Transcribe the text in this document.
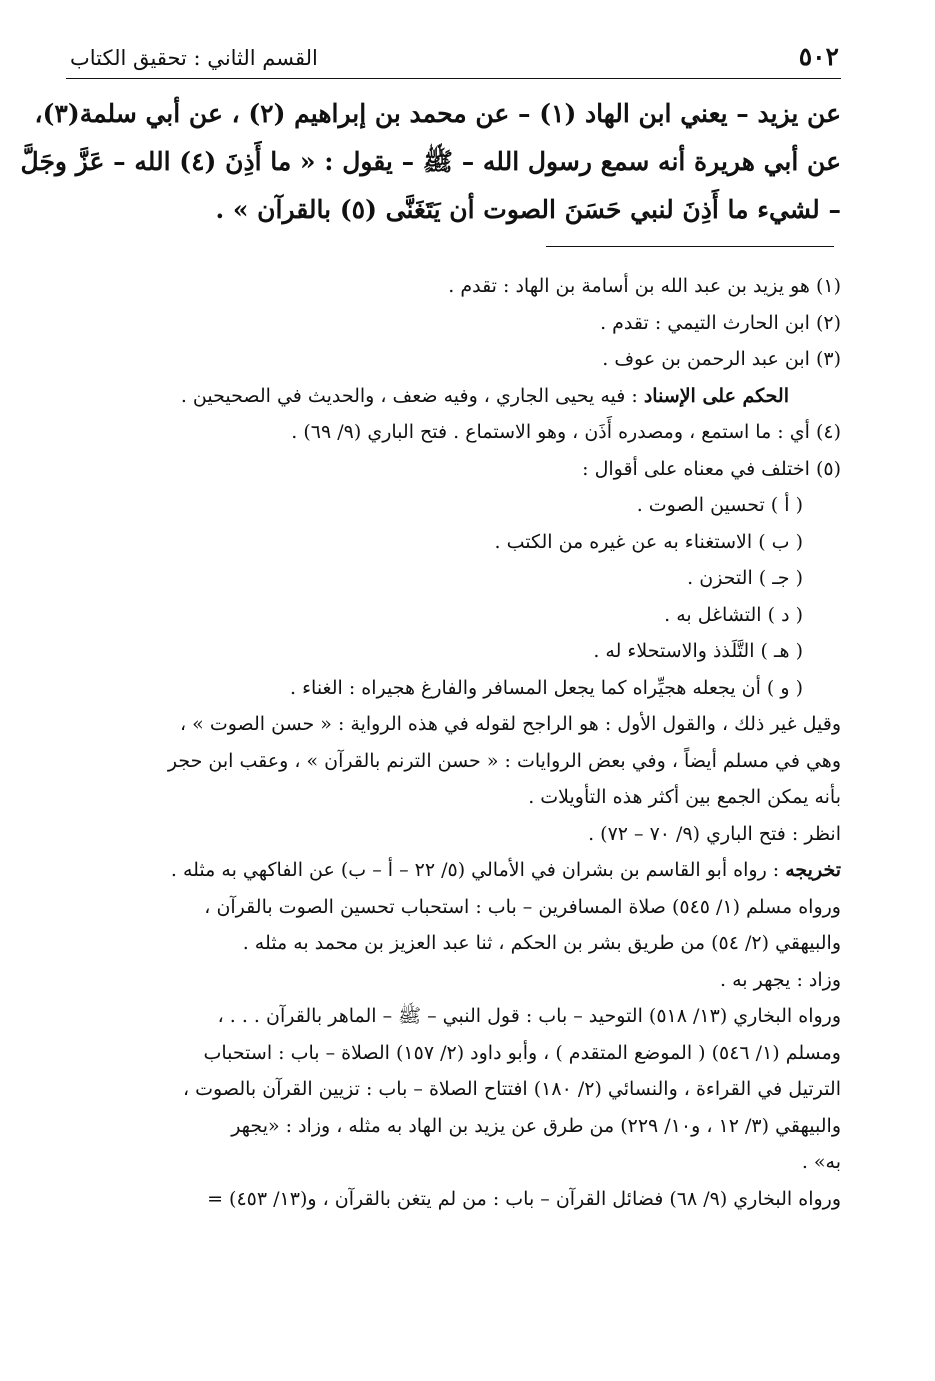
٥٠٢
القسم الثاني : تحقيق الكتاب
عن يزيد – يعني ابن الهاد (١) – عن محمد بن إبراهيم (٢) ، عن أبي سلمة(٣)،
عن أبي هريرة أنه سمع رسول الله – ﷺ – يقول : « ما أَذِنَ (٤) الله – عَزَّ وجَلَّ
– لشيء ما أَذِنَ لنبي حَسَنَ الصوت أن يَتَغَنَّى (٥) بالقرآن » .
(١) هو يزيد بن عبد الله بن أسامة بن الهاد : تقدم .
(٢) ابن الحارث التيمي : تقدم .
(٣) ابن عبد الرحمن بن عوف .
الحكم على الإسناد : فيه يحيى الجاري ، وفيه ضعف ، والحديث في الصحيحين .
(٤) أي : ما استمع ، ومصدره أَذَن ، وهو الاستماع . فتح الباري (٩/ ٦٩) .
(٥) اختلف في معناه على أقوال :
( أ ) تحسين الصوت .
( ب ) الاستغناء به عن غيره من الكتب .
( جـ ) التحزن .
( د ) التشاغل به .
( هـ ) التَّلَذذ والاستحلاء له .
( و ) أن يجعله هجيِّراه كما يجعل المسافر والفارغ هجيراه : الغناء .
وقيل غير ذلك ، والقول الأول : هو الراجح لقوله في هذه الرواية : « حسن الصوت » ،
وهي في مسلم أيضاً ، وفي بعض الروايات : « حسن الترنم بالقرآن » ، وعقب ابن حجر
بأنه يمكن الجمع بين أكثر هذه التأويلات .
انظر : فتح الباري (٩/ ٧٠ – ٧٢) .
تخريجه : رواه أبو القاسم بن بشران في الأمالي (٥/ ٢٢ – أ – ب) عن الفاكهي به مثله .
ورواه مسلم (١/ ٥٤٥) صلاة المسافرين – باب : استحباب تحسين الصوت بالقرآن ،
والبيهقي (٢/ ٥٤) من طريق بشر بن الحكم ، ثنا عبد العزيز بن محمد به مثله .
وزاد : يجهر به .
ورواه البخاري (١٣/ ٥١٨) التوحيد – باب : قول النبي – ﷺ – الماهر بالقرآن . . . ،
ومسلم (١/ ٥٤٦) ( الموضع المتقدم ) ، وأبو داود (٢/ ١٥٧) الصلاة – باب : استحباب
الترتيل في القراءة ، والنسائي (٢/ ١٨٠) افتتاح الصلاة – باب : تزيين القرآن بالصوت ،
والبيهقي (٣/ ١٢ ، و١٠/ ٢٢٩) من طرق عن يزيد بن الهاد به مثله ، وزاد : «يجهر
به» .
ورواه البخاري (٩/ ٦٨) فضائل القرآن – باب : من لم يتغن بالقرآن ، و(١٣/ ٤٥٣) =
